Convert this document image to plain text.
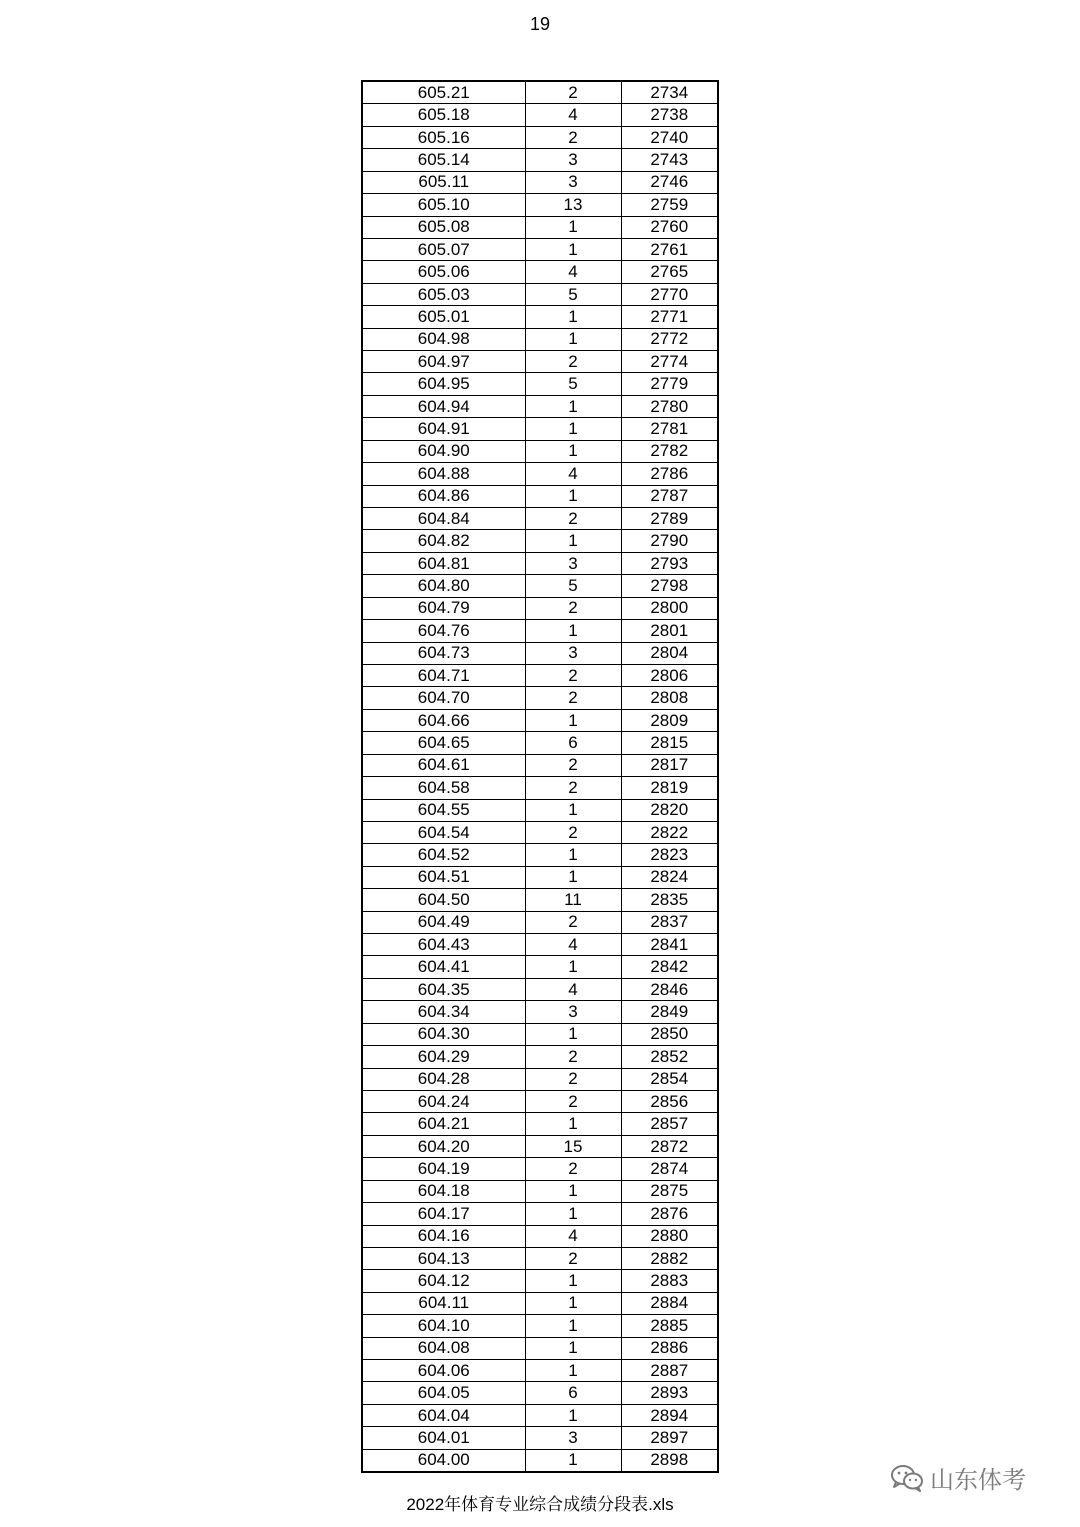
19
605.21	2	2734
605.18	4	2738
605.16	2	2740
605.14	3	2743
605.11	3	2746
605.10	13	2759
605.08	1	2760
605.07	1	2761
605.06	4	2765
605.03	5	2770
605.01	1	2771
604.98	1	2772
604.97	2	2774
604.95	5	2779
604.94	1	2780
604.91	1	2781
604.90	1	2782
604.88	4	2786
604.86	1	2787
604.84	2	2789
604.82	1	2790
604.81	3	2793
604.80	5	2798
604.79	2	2800
604.76	1	2801
604.73	3	2804
604.71	2	2806
604.70	2	2808
604.66	1	2809
604.65	6	2815
604.61	2	2817
604.58	2	2819
604.55	1	2820
604.54	2	2822
604.52	1	2823
604.51	1	2824
604.50	11	2835
604.49	2	2837
604.43	4	2841
604.41	1	2842
604.35	4	2846
604.34	3	2849
604.30	1	2850
604.29	2	2852
604.28	2	2854
604.24	2	2856
604.21	1	2857
604.20	15	2872
604.19	2	2874
604.18	1	2875
604.17	1	2876
604.16	4	2880
604.13	2	2882
604.12	1	2883
604.11	1	2884
604.10	1	2885
604.08	1	2886
604.06	1	2887
604.05	6	2893
604.04	1	2894
604.01	3	2897
604.00	1	2898
山东体考
2022年体育专业综合成绩分段表.xls
